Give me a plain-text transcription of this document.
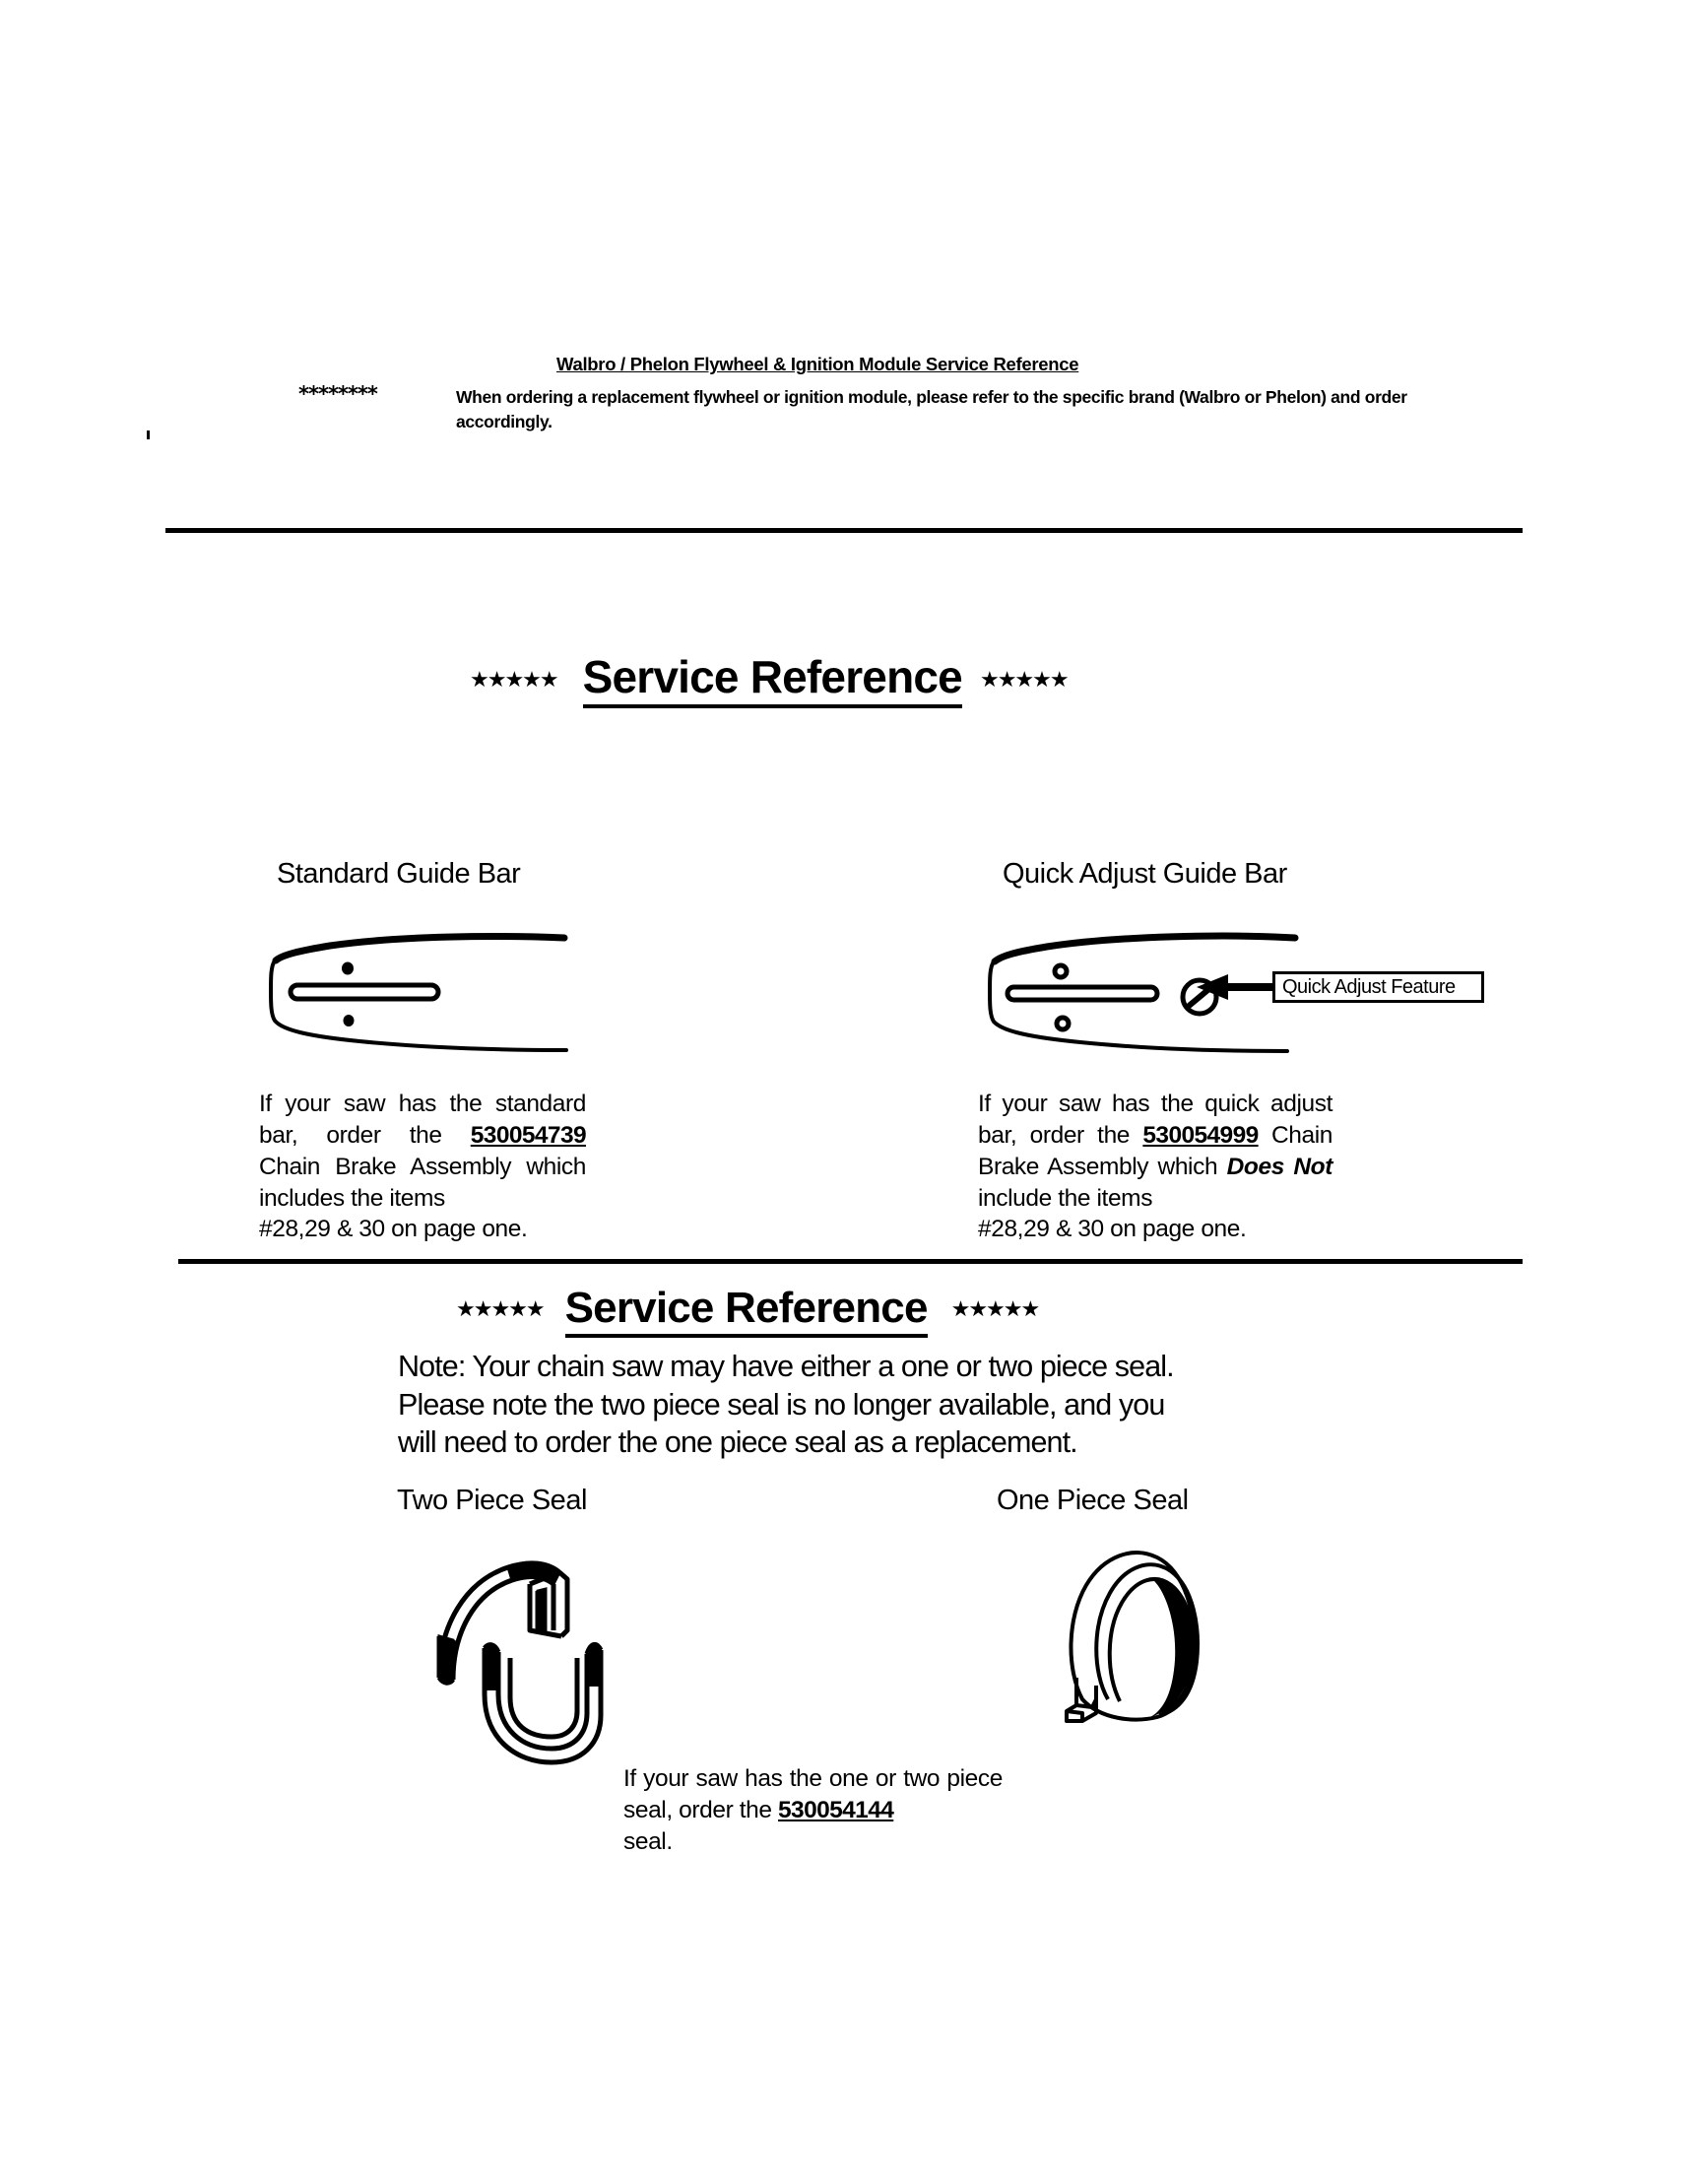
********
Walbro / Phelon Flywheel & Ignition Module Service Reference
When ordering a replacement flywheel or ignition module, please refer to the specific brand (Walbro or Phelon) and order accordingly.
★★★★★ Service Reference ★★★★★
Standard Guide Bar	Quick Adjust Guide Bar
Quick Adjust Feature
If your saw has the standard bar, order the 530054739 Chain Brake Assembly which includes the items
#28,29 & 30 on page one.
If your saw has the quick adjust bar, order the 530054999 Chain Brake Assembly which Does Not include the items
#28,29 & 30 on page one.
★★★★★ Service Reference ★★★★★
Note: Your chain saw may have either a one or two piece seal.
Please note the two piece seal is no longer available, and you
will need to order the one piece seal as a replacement.
Two Piece Seal	One Piece Seal
If your saw has the one or two piece seal, order the 530054144
seal.
